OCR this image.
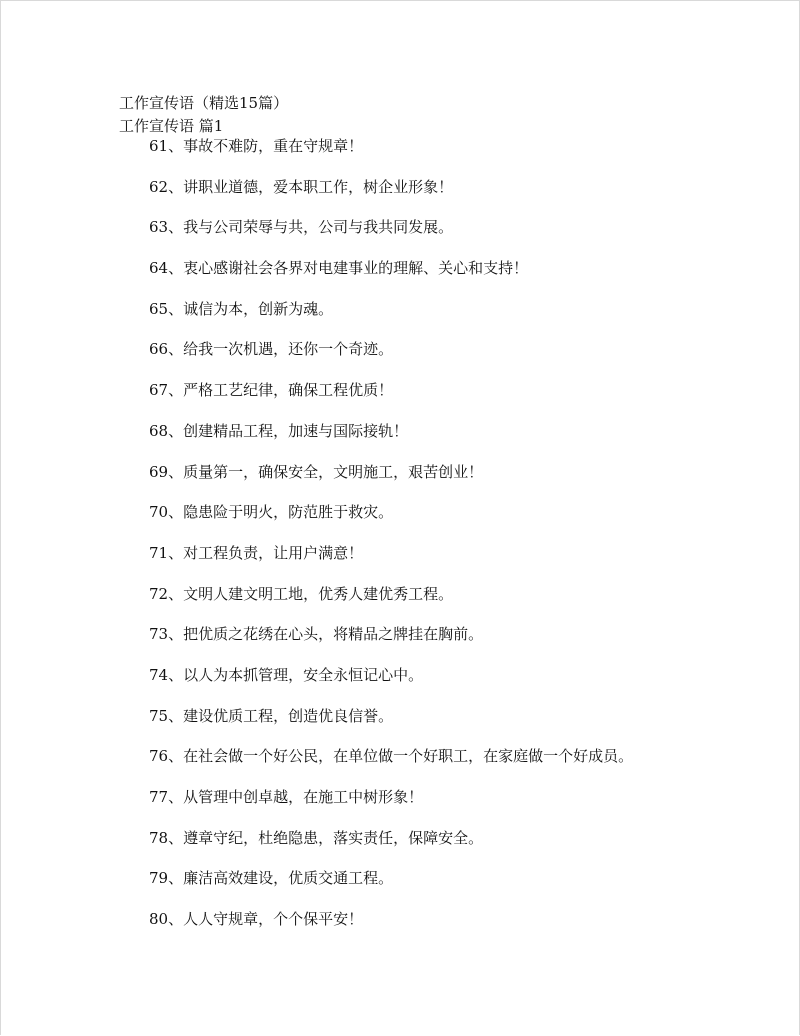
工作宣传语（精选15篇）
工作宣传语 篇1
61、事故不难防，重在守规章！
62、讲职业道德，爱本职工作，树企业形象！
63、我与公司荣辱与共，公司与我共同发展。
64、衷心感谢社会各界对电建事业的理解、关心和支持！
65、诚信为本，创新为魂。
66、给我一次机遇，还你一个奇迹。
67、严格工艺纪律，确保工程优质！
68、创建精品工程，加速与国际接轨！
69、质量第一，确保安全，文明施工，艰苦创业！
70、隐患险于明火，防范胜于救灾。
71、对工程负责，让用户满意！
72、文明人建文明工地，优秀人建优秀工程。
73、把优质之花绣在心头，将精品之牌挂在胸前。
74、以人为本抓管理，安全永恒记心中。
75、建设优质工程，创造优良信誉。
76、在社会做一个好公民，在单位做一个好职工，在家庭做一个好成员。
77、从管理中创卓越，在施工中树形象！
78、遵章守纪，杜绝隐患，落实责任，保障安全。
79、廉洁高效建设，优质交通工程。
80、人人守规章，个个保平安！
